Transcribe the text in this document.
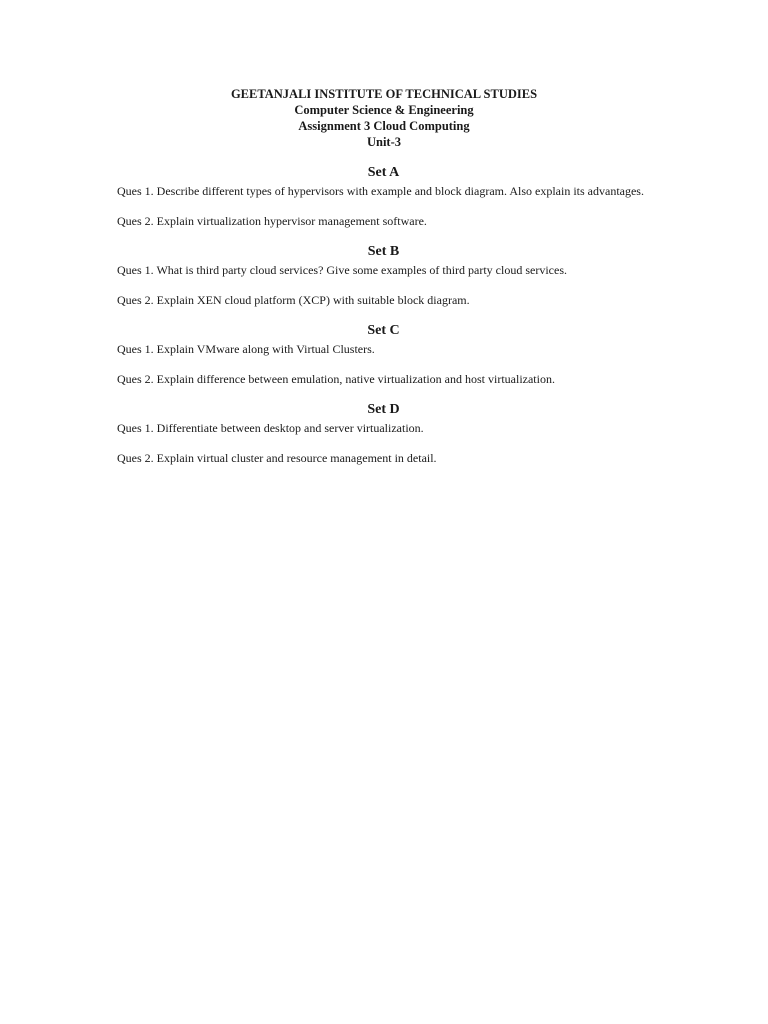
GEETANJALI INSTITUTE OF TECHNICAL STUDIES
Computer Science & Engineering
Assignment 3 Cloud Computing
Unit-3
Set A

Ques 1. Describe different types of hypervisors with example and block diagram. Also explain its advantages.

Ques 2. Explain virtualization hypervisor management software.

Set B

Ques 1. What is third party cloud services? Give some examples of third party cloud services.

Ques 2. Explain XEN cloud platform (XCP) with suitable block diagram.

Set C

Ques 1. Explain VMware along with Virtual Clusters.

Ques 2. Explain difference between emulation, native virtualization and host virtualization.

Set D

Ques 1. Differentiate between desktop and server virtualization.

Ques 2. Explain virtual cluster and resource management in detail.
